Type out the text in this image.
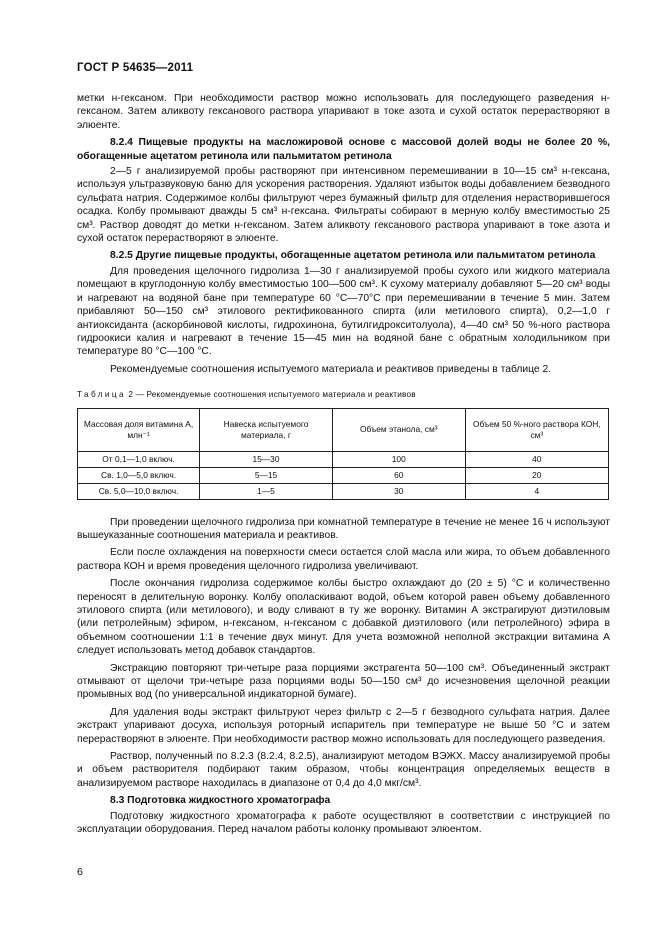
ГОСТ Р 54635—2011

метки н-гексаном. При необходимости раствор можно использовать для последующего разведения н-гексаном. Затем аликвоту гексанового раствора упаривают в токе азота и сухой остаток перерастворяют в элюенте.

8.2.4 Пищевые продукты на масложировой основе с массовой долей воды не более 20 %, обогащенные ацетатом ретинола или пальмитатом ретинола

2—5 г анализируемой пробы растворяют при интенсивном перемешивании в 10—15 см³ н-гексана, используя ультразвуковую баню для ускорения растворения. Удаляют избыток воды добавлением безводного сульфата натрия. Содержимое колбы фильтруют через бумажный фильтр для отделения нерастворившегося осадка. Колбу промывают дважды 5 см³ н-гексана. Фильтраты собирают в мерную колбу вместимостью 25 см³. Раствор доводят до метки н-гексаном. Затем аликвоту гексанового раствора упаривают в токе азота и сухой остаток перерастворяют в элюенте.

8.2.5 Другие пищевые продукты, обогащенные ацетатом ретинола или пальмитатом ретинола

Для проведения щелочного гидролиза 1—30 г анализируемой пробы сухого или жидкого материала помещают в круглодонную колбу вместимостью 100—500 см³. К сухому материалу добавляют 5—20 см³ воды и нагревают на водяной бане при температуре 60 °С—70°С при перемешивании в течение 5 мин. Затем прибавляют 50—150 см³ этилового ректификованного спирта (или метилового спирта), 0,2—1,0 г антиоксиданта (аскорбиновой кислоты, гидрохинона, бутилгидрокситолуола), 4—40 см³ 50 %-ного раствора гидроокиси калия и нагревают в течение 15—45 мин на водяной бане с обратным холодильником при температуре 80 °С—100 °С.

Рекомендуемые соотношения испытуемого материала и реактивов приведены в таблице 2.

Таблица 2 — Рекомендуемые соотношения испытуемого материала и реактивов

Массовая доля витамина А, млн⁻¹	Навеска испытуемого материала, г	Объем этанола, см³	Объем 50 %-ного раствора КОН, см³
От 0,1—1,0 включ.	15—30	100	40
Св. 1,0—5,0 включ.	5—15	60	20
Св. 5,0—10,0 включ.	1—5	30	4

При проведении щелочного гидролиза при комнатной температуре в течение не менее 16 ч используют вышеуказанные соотношения материала и реактивов.

Если после охлаждения на поверхности смеси остается слой масла или жира, то объем добавленного раствора КОН и время проведения щелочного гидролиза увеличивают.

После окончания гидролиза содержимое колбы быстро охлаждают до (20 ± 5) °С и количественно переносят в делительную воронку. Колбу ополаскивают водой, объем которой равен объему добавленного этилового спирта (или метилового), и воду сливают в ту же воронку. Витамин А экстрагируют диэтиловым (или петролейным) эфиром, н-гексаном, н-гексаном с добавкой диэтилового (или петролейного) эфира в объемном соотношении 1:1 в течение двух минут. Для учета возможной неполной экстракции витамина А следует использовать метод добавок стандартов.

Экстракцию повторяют три-четыре раза порциями экстрагента 50—100 см³. Объединенный экстракт отмывают от щелочи три-четыре раза порциями воды 50—150 см³ до исчезновения щелочной реакции промывных вод (по универсальной индикаторной бумаге).

Для удаления воды экстракт фильтруют через фильтр с 2—5 г безводного сульфата натрия. Далее экстракт упаривают досуха, используя роторный испаритель при температуре не выше 50 °С и затем перерастворяют в элюенте. При необходимости раствор можно использовать для последующего разведения.

Раствор, полученный по 8.2.3 (8.2.4, 8.2.5), анализируют методом ВЭЖХ. Массу анализируемой пробы и объем растворителя подбирают таким образом, чтобы концентрация определяемых веществ в анализируемом растворе находилась в диапазоне от 0,4 до 4,0 мкг/см³.

8.3 Подготовка жидкостного хроматографа

Подготовку жидкостного хроматографа к работе осуществляют в соответствии с инструкцией по эксплуатации оборудования. Перед началом работы колонку промывают элюентом.

6
